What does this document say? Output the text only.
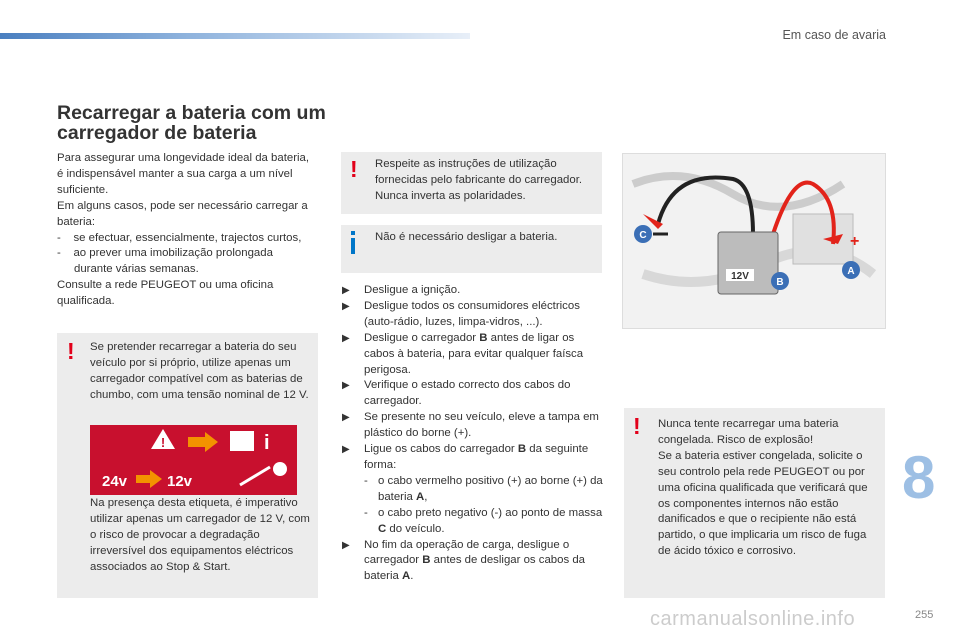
Em caso de avaria
Recarregar a bateria com um carregador de bateria
Para assegurar uma longevidade ideal da bateria, é indispensável manter a sua carga a um nível suficiente.
Em alguns casos, pode ser necessário carregar a bateria:
-    se efectuar, essencialmente, trajectos curtos,
-    ao prever uma imobilização prolongada durante várias semanas.
Consulte a rede PEUGEOT ou uma oficina qualificada.
! Se pretender recarregar a bateria do seu veículo por si próprio, utilize apenas um carregador compatível com as baterias de chumbo, com uma tensão nominal de 12 V.
!	i
24v	12v
Na presença desta etiqueta, é imperativo utilizar apenas um carregador de 12 V, com o risco de provocar a degradação irreversível dos equipamentos eléctricos associados ao Stop & Start.
! Respeite as instruções de utilização fornecidas pelo fabricante do carregador. Nunca inverta as polaridades.
Não é necessário desligar a bateria.
▶	Desligue a ignição.
▶	Desligue todos os consumidores eléctricos (auto-rádio, luzes, limpa-vidros, ...).
▶	Desligue o carregador B antes de ligar os cabos à bateria, para evitar qualquer faísca perigosa.
▶	Verifique o estado correcto dos cabos do carregador.
▶	Se presente no seu veículo, eleve a tampa em plástico do borne (+).
▶	Ligue os cabos do carregador B da seguinte forma:
- o cabo vermelho positivo (+) ao borne (+) da bateria A,
- o cabo preto negativo (-) ao ponto de massa C do veículo.
▶	No fim da operação de carga, desligue o carregador B antes de desligar os cabos da bateria A.
12V
+
C
B
A
! Nunca tente recarregar uma bateria congelada. Risco de explosão!
Se a bateria estiver congelada, solicite o seu controlo pela rede PEUGEOT ou por uma oficina qualificada que verificará que os componentes internos não estão danificados e que o recipiente não está partido, o que implicaria um risco de fuga de ácido tóxico e corrosivo.
8
255
carmanualsonline.info
